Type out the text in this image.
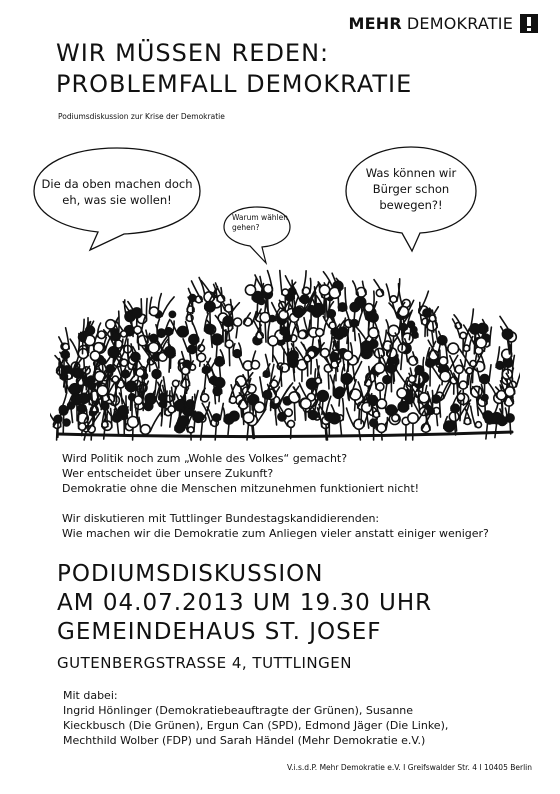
MEHR DEMOKRATIE
WIR MÜSSEN REDEN:
PROBLEMFALL DEMOKRATIE
Podiumsdiskussion zur Krise der Demokratie
Die da oben machen doch
eh, was sie wollen!
Warum wählen
gehen?
Was können wir
Bürger schon
bewegen?!

Wird Politik noch zum „Wohle des Volkes“ gemacht?

Wer entscheidet über unsere Zukunft?

Demokratie ohne die Menschen mitzunehmen funktioniert nicht!

Wir diskutieren mit Tuttlinger Bundestagskandidierenden:

Wie machen wir die Demokratie zum Anliegen vieler anstatt einiger weniger?

PODIUMSDISKUSSION

AM 04.07.2013 UM 19.30 UHR

GEMEINDEHAUS ST. JOSEF

GUTENBERGSTRASSE 4, TUTTLINGEN

Mit dabei:

Ingrid Hönlinger (Demokratiebeauftragte der Grünen), Susanne

Kieckbusch (Die Grünen), Ergun Can (SPD), Edmond Jäger (Die Linke),

Mechthild Wolber (FDP) und Sarah Händel (Mehr Demokratie e.V.)

V.i.s.d.P. Mehr Demokratie e.V. I Greifswalder Str. 4 I 10405 Berlin
